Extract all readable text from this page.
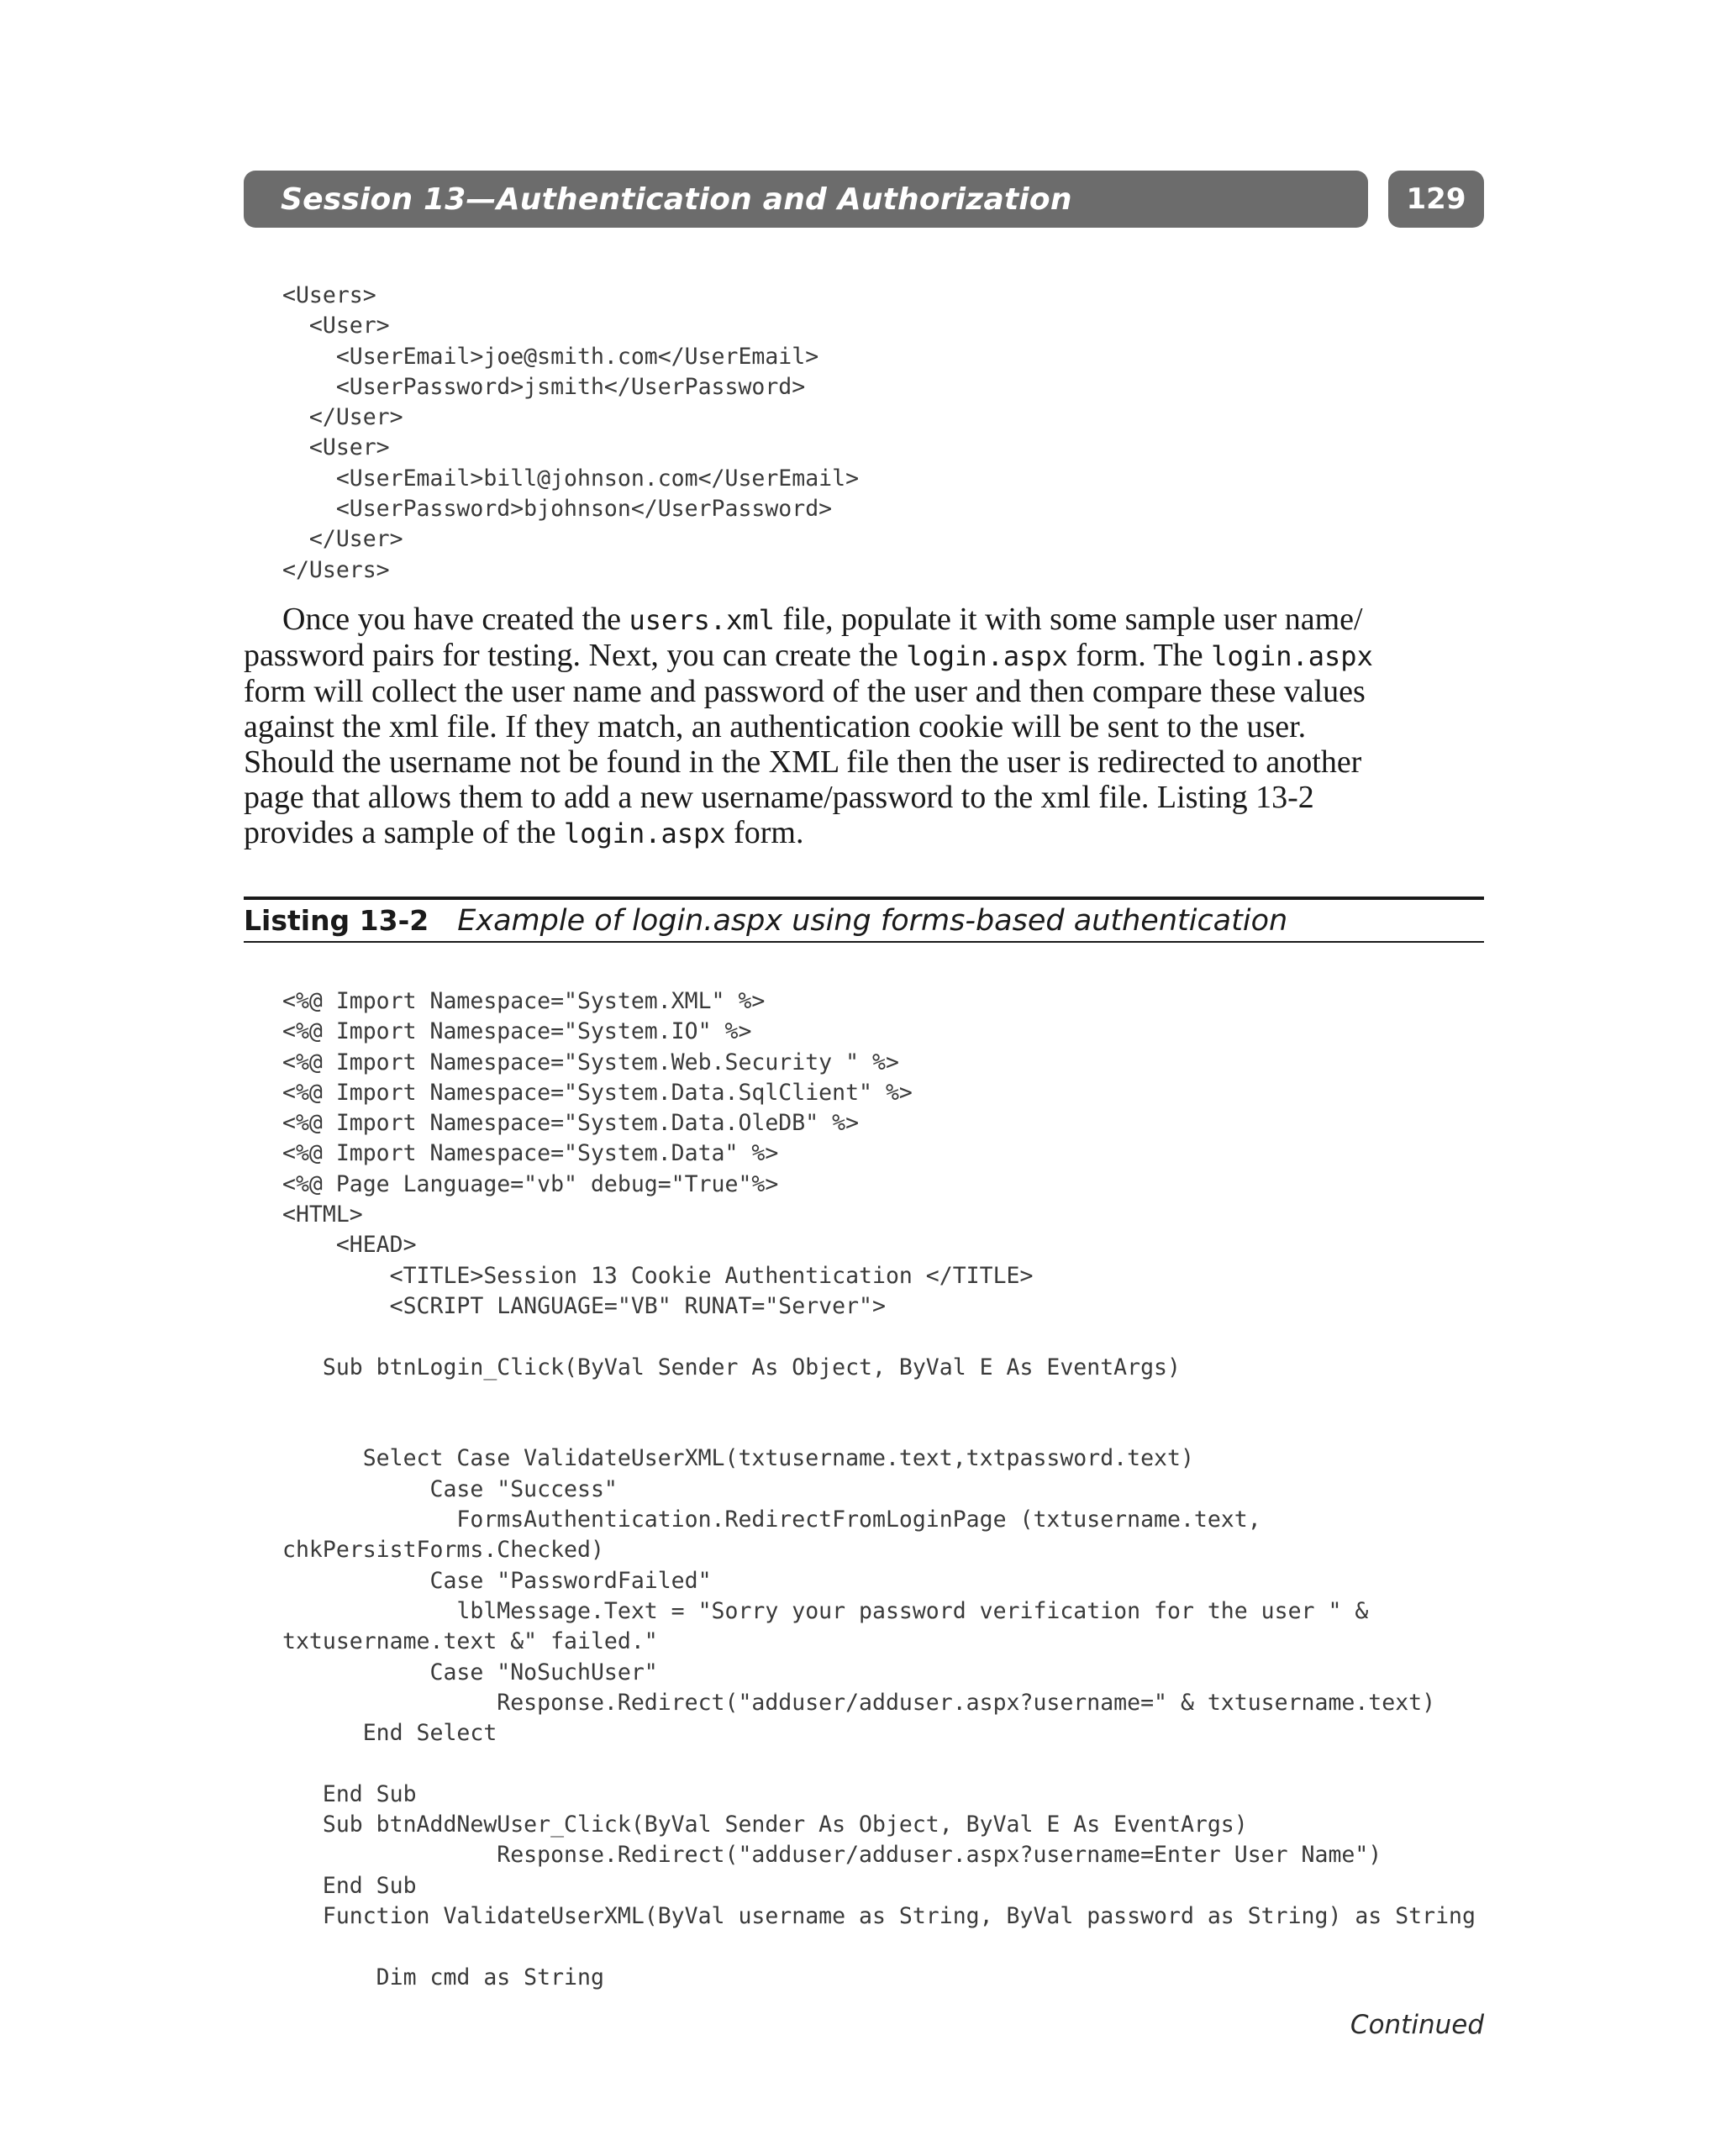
Session 13—Authentication and Authorization	129
<Users>
<User>
<UserEmail>joe@smith.com</UserEmail>
<UserPassword>jsmith</UserPassword>
</User>
<User>
<UserEmail>bill@johnson.com</UserEmail>
<UserPassword>bjohnson</UserPassword>
</User>
</Users>
Once you have created the users.xml file, populate it with some sample user name/
password pairs for testing. Next, you can create the login.aspx form. The login.aspx
form will collect the user name and password of the user and then compare these values
against the xml file. If they match, an authentication cookie will be sent to the user.
Should the username not be found in the XML file then the user is redirected to another
page that allows them to add a new username/password to the xml file. Listing 13-2
provides a sample of the login.aspx form.
Listing 13-2 Example of login.aspx using forms-based authentication
<%@ Import Namespace="System.XML" %>
<%@ Import Namespace="System.IO" %>
<%@ Import Namespace="System.Web.Security " %>
<%@ Import Namespace="System.Data.SqlClient" %>
<%@ Import Namespace="System.Data.OleDB" %>
<%@ Import Namespace="System.Data" %>
<%@ Page Language="vb" debug="True"%>
<HTML>
<HEAD>
<TITLE>Session 13 Cookie Authentication </TITLE>
<SCRIPT LANGUAGE="VB" RUNAT="Server">

Sub btnLogin_Click(ByVal Sender As Object, ByVal E As EventArgs)

Select Case ValidateUserXML(txtusername.text,txtpassword.text)
Case "Success"
FormsAuthentication.RedirectFromLoginPage (txtusername.text,
chkPersistForms.Checked)
Case "PasswordFailed"
lblMessage.Text = "Sorry your password verification for the user " &
txtusername.text &" failed."
Case "NoSuchUser"
Response.Redirect("adduser/adduser.aspx?username=" & txtusername.text)
End Select

End Sub
Sub btnAddNewUser_Click(ByVal Sender As Object, ByVal E As EventArgs)
Response.Redirect("adduser/adduser.aspx?username=Enter User Name")
End Sub
Function ValidateUserXML(ByVal username as String, ByVal password as String) as String

Dim cmd as String
Continued
